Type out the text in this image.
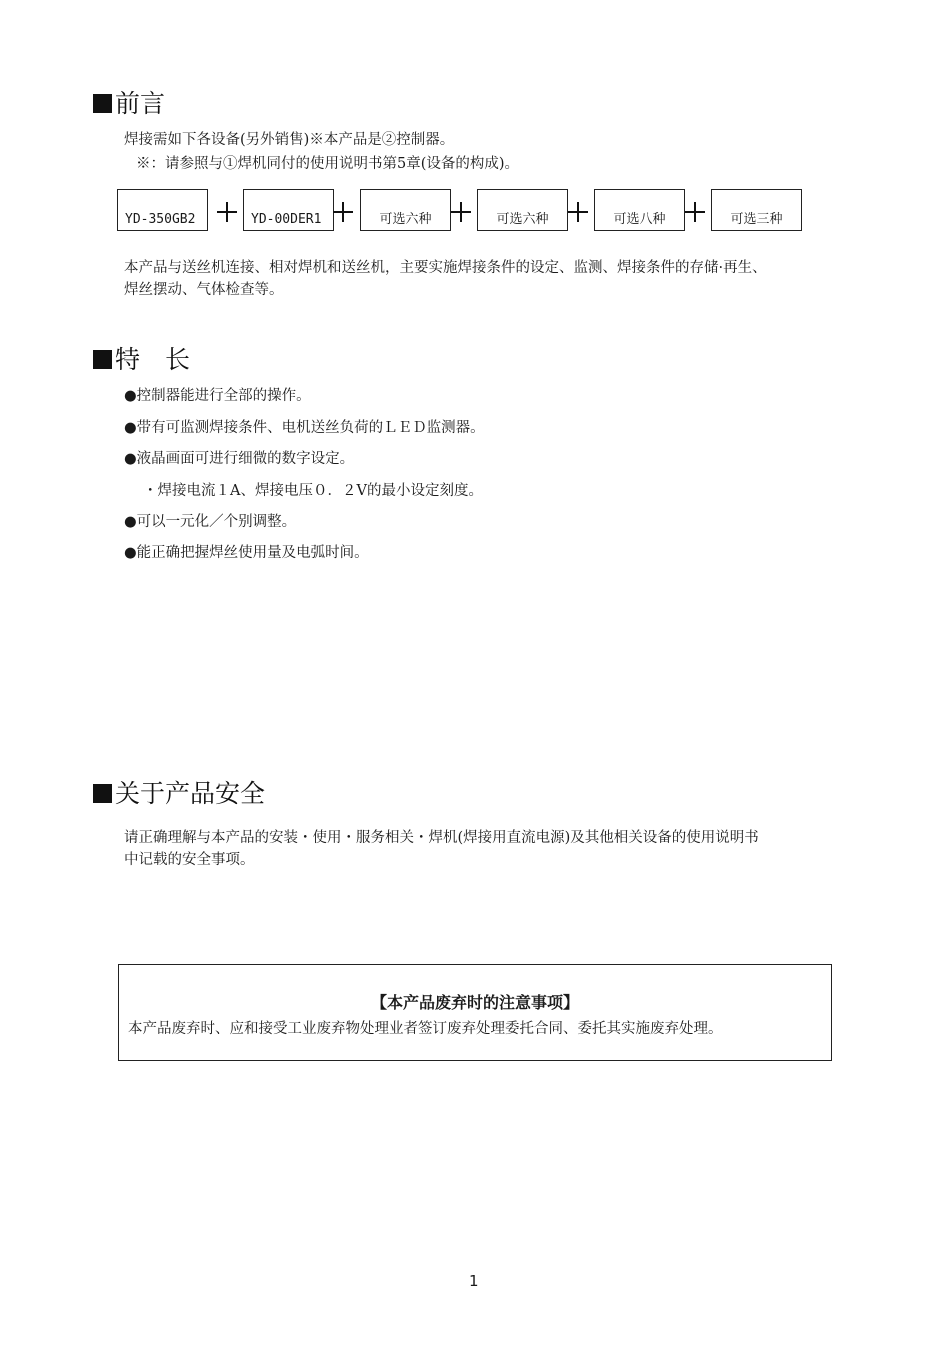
前言
焊接需如下各设备(另外销售)※本产品是②控制器。
※：请参照与①焊机同付的使用说明书第5章(设备的构成)。
YD-350GB2	YD-00DER1	可选六种	可选六种	可选八种	可选三种
本产品与送丝机连接、相对焊机和送丝机，主要实施焊接条件的设定、监测、焊接条件的存储·再生、
焊丝摆动、气体检查等。
特　长
●控制器能进行全部的操作。
●带有可监测焊接条件、电机送丝负荷的ＬＥＤ监测器。
●液晶画面可进行细微的数字设定。
・焊接电流１A、焊接电压０．２V的最小设定刻度。
●可以一元化／个别调整。
●能正确把握焊丝使用量及电弧时间。
关于产品安全
请正确理解与本产品的安装・使用・服务相关・焊机(焊接用直流电源)及其他相关设备的使用说明书
中记载的安全事项。
【本产品废弃时的注意事项】
本产品废弃时、应和接受工业废弃物处理业者签订废弃处理委托合同、委托其实施废弃处理。
1
